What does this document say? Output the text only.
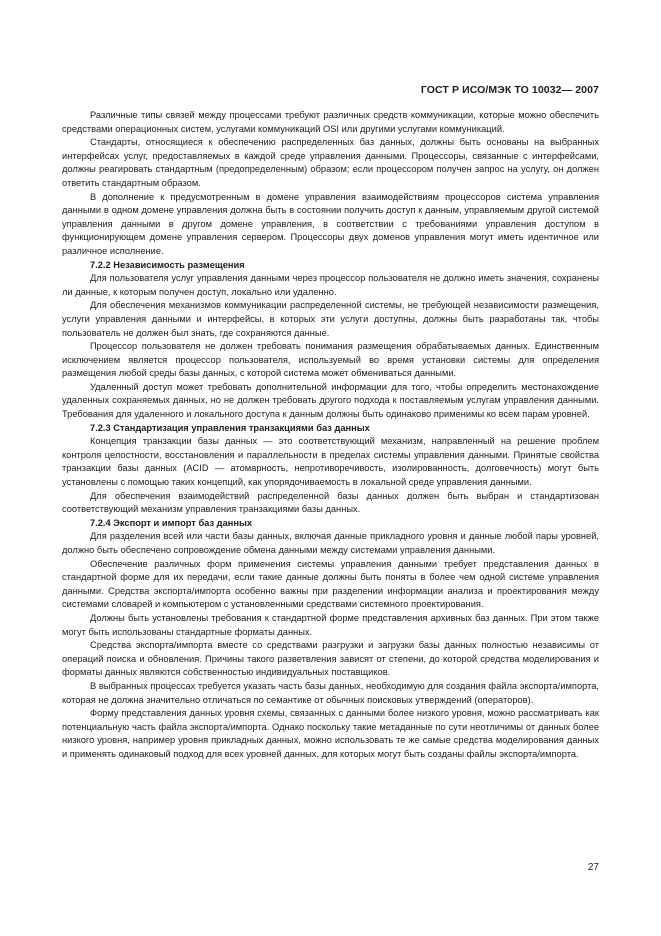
ГОСТ Р ИСО/МЭК ТО 10032— 2007

Различные типы связей между процессами требуют различных средств коммуникации, которые можно обеспечить средствами операционных систем, услугами коммуникаций OSI или другими услугами коммуникаций.

Стандарты, относящиеся к обеспечению распределенных баз данных, должны быть основаны на выбранных интерфейсах услуг, предоставляемых в каждой среде управления данными. Процессоры, связанные с интерфейсами, должны реагировать стандартным (предопределенным) образом; если процессором получен запрос на услугу, он должен ответить стандартным образом.

В дополнение к предусмотренным в домене управления взаимодействиям процессоров система управления данными в одном домене управления должна быть в состоянии получить доступ к данным, управляемым другой системой управления данными в другом домене управления, в соответствии с требованиями управления доступом в функционирующем домене управления сервером. Процессоры двух доменов управления могут иметь идентичное или различное исполнение.

7.2.2 Независимость размещения

Для пользователя услуг управления данными через процессор пользователя не должно иметь значения, сохранены ли данные, к которым получен доступ, локально или удаленно.

Для обеспечения механизмов коммуникации распределенной системы, не требующей независимости размещения, услуги управления данными и интерфейсы, в которых эти услуги доступны, должны быть разработаны так, чтобы пользователь не должен был знать, где сохраняются данные.

Процессор пользователя не должен требовать понимания размещения обрабатываемых данных. Единственным исключением является процессор пользователя, используемый во время установки системы для определения размещения любой среды базы данных, с которой система может обмениваться данными.

Удаленный доступ может требовать дополнительной информации для того, чтобы определить местонахождение удаленных сохраняемых данных, но не должен требовать другого подхода к поставляемым услугам управления данными. Требования для удаленного и локального доступа к данным должны быть одинаково применимы ко всем парам уровней.

7.2.3 Стандартизация управления транзакциями баз данных

Концепция транзакции базы данных — это соответствующий механизм, направленный на решение проблем контроля целостности, восстановления и параллельности в пределах системы управления данными. Принятые свойства транзакции базы данных (ACID — атомарность, непротиворечивость, изолированность, долговечность) могут быть установлены с помощью таких концепций, как упорядочиваемость в локальной среде управления данными.

Для обеспечения взаимодействий распределенной базы данных должен быть выбран и стандартизован соответствующий механизм управления транзакциями базы данных.

7.2.4 Экспорт и импорт баз данных

Для разделения всей или части базы данных, включая данные прикладного уровня и данные любой пары уровней, должно быть обеспечено сопровождение обмена данными между системами управления данными.

Обеспечение различных форм применения системы управления данными требует представления данных в стандартной форме для их передачи, если такие данные должны быть поняты в более чем одной системе управления данными. Средства экспорта/импорта особенно важны при разделении информации анализа и проектирования между системами словарей и компьютером с установленными средствами системного проектирования.

Должны быть установлены требования к стандартной форме представления архивных баз данных. При этом также могут быть использованы стандартные форматы данных.

Средства экспорта/импорта вместе со средствами разгрузки и загрузки базы данных полностью независимы от операций поиска и обновления. Причины такого разветвления зависят от степени, до которой средства моделирования и форматы данных являются собственностью индивидуальных поставщиков.

В выбранных процессах требуется указать часть базы данных, необходимую для создания файла экспорта/импорта, которая не должна значительно отличаться по семантике от обычных поисковых утверждений (операторов).

Форму представления данных уровня схемы, связанных с данными более низкого уровня, можно рассматривать как потенциальную часть файла экспорта/импорта. Однако поскольку такие метаданные по сути неотличимы от данных более низкого уровня, например уровня прикладных данных, можно использовать те же самые средства моделирования данных и применять одинаковый подход для всех уровней данных, для которых могут быть созданы файлы экспорта/импорта.

27
